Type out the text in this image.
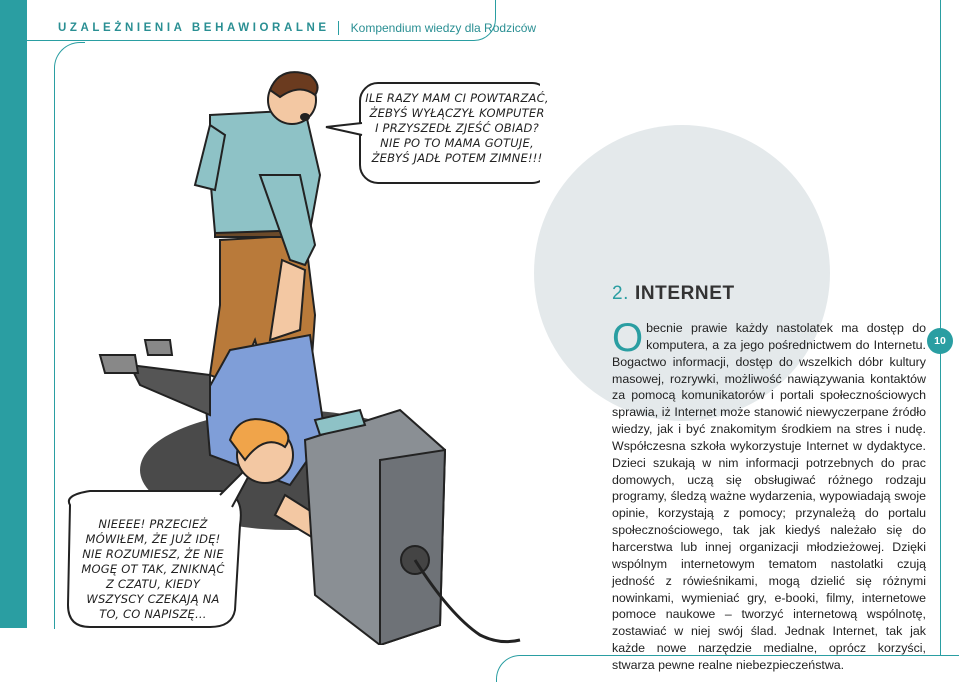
UZALEŻNIENIA BEHAWIORALNE Kompendium wiedzy dla Rodziców
ILE RAZY MAM CI POWTARZAĆ,
ŻEBYŚ WYŁĄCZYŁ KOMPUTER
I PRZYSZEDŁ ZJEŚĆ OBIAD?
NIE PO TO MAMA GOTUJE,
ŻEBYŚ JADŁ POTEM ZIMNE!!!
NIEEEE! PRZECIEŻ
MÓWIŁEM, ŻE JUŻ IDĘ!
NIE ROZUMIESZ, ŻE NIE
MOGĘ OT TAK, ZNIKNĄĆ
Z CZATU, KIEDY
WSZYSCY CZEKAJĄ NA
TO, CO NAPISZĘ…
2. INTERNET
O becnie prawie każdy nastolatek ma dostęp do komputera, a za jego pośrednictwem do Internetu. Bogactwo informacji, dostęp do wszelkich dóbr kultury masowej, rozrywki, możliwość nawiązywania kontaktów za pomocą komunikatorów i portali społecznościowych sprawia, iż Internet może stanowić niewyczerpane źródło wiedzy, jak i być znakomitym środkiem na stres i nudę. Współczesna szkoła wykorzystuje Internet w dydaktyce. Dzieci szukają w nim informacji potrzebnych do prac domowych, uczą się obsługiwać różnego rodzaju programy, śledzą ważne wydarzenia, wypowiadają swoje opinie, korzystają z pomocy; przynależą do portalu społecznościowego, tak jak kiedyś należało się do harcerstwa lub innej organizacji młodzieżowej. Dzięki wspólnym internetowym tematom nastolatki czują jedność z rówieśnikami, mogą dzielić się różnymi nowinkami, wymieniać gry, e-booki, filmy, internetowe pomoce naukowe – tworzyć internetową wspólnotę, zostawiać w niej swój ślad. Jednak Internet, tak jak każde nowe narzędzie medialne, oprócz korzyści, stwarza pewne realne niebezpieczeństwa.
10
